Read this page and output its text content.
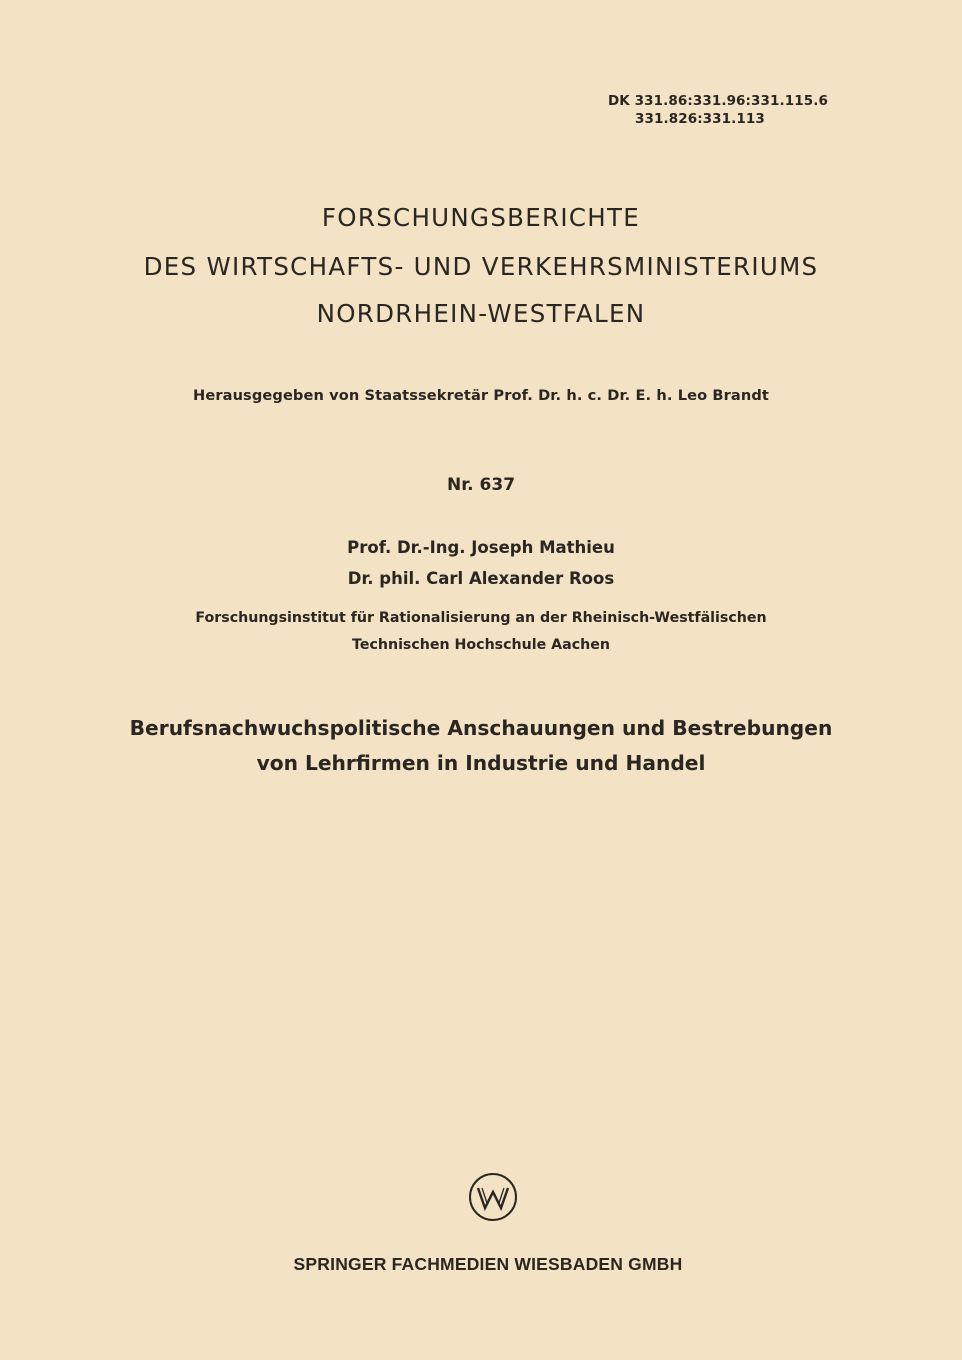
DK 331.86:331.96:331.115.6
331.826:331.113
FORSCHUNGSBERICHTE
DES WIRTSCHAFTS- UND VERKEHRSMINISTERIUMS
NORDRHEIN-WESTFALEN
Herausgegeben von Staatssekretär Prof. Dr. h. c. Dr. E. h. Leo Brandt
Nr. 637
Prof. Dr.-Ing. Joseph Mathieu
Dr. phil. Carl Alexander Roos
Forschungsinstitut für Rationalisierung an der Rheinisch-Westfälischen
Technischen Hochschule Aachen
Berufsnachwuchspolitische Anschauungen und Bestrebungen
von Lehrfirmen in Industrie und Handel
SPRINGER FACHMEDIEN WIESBADEN GMBH
